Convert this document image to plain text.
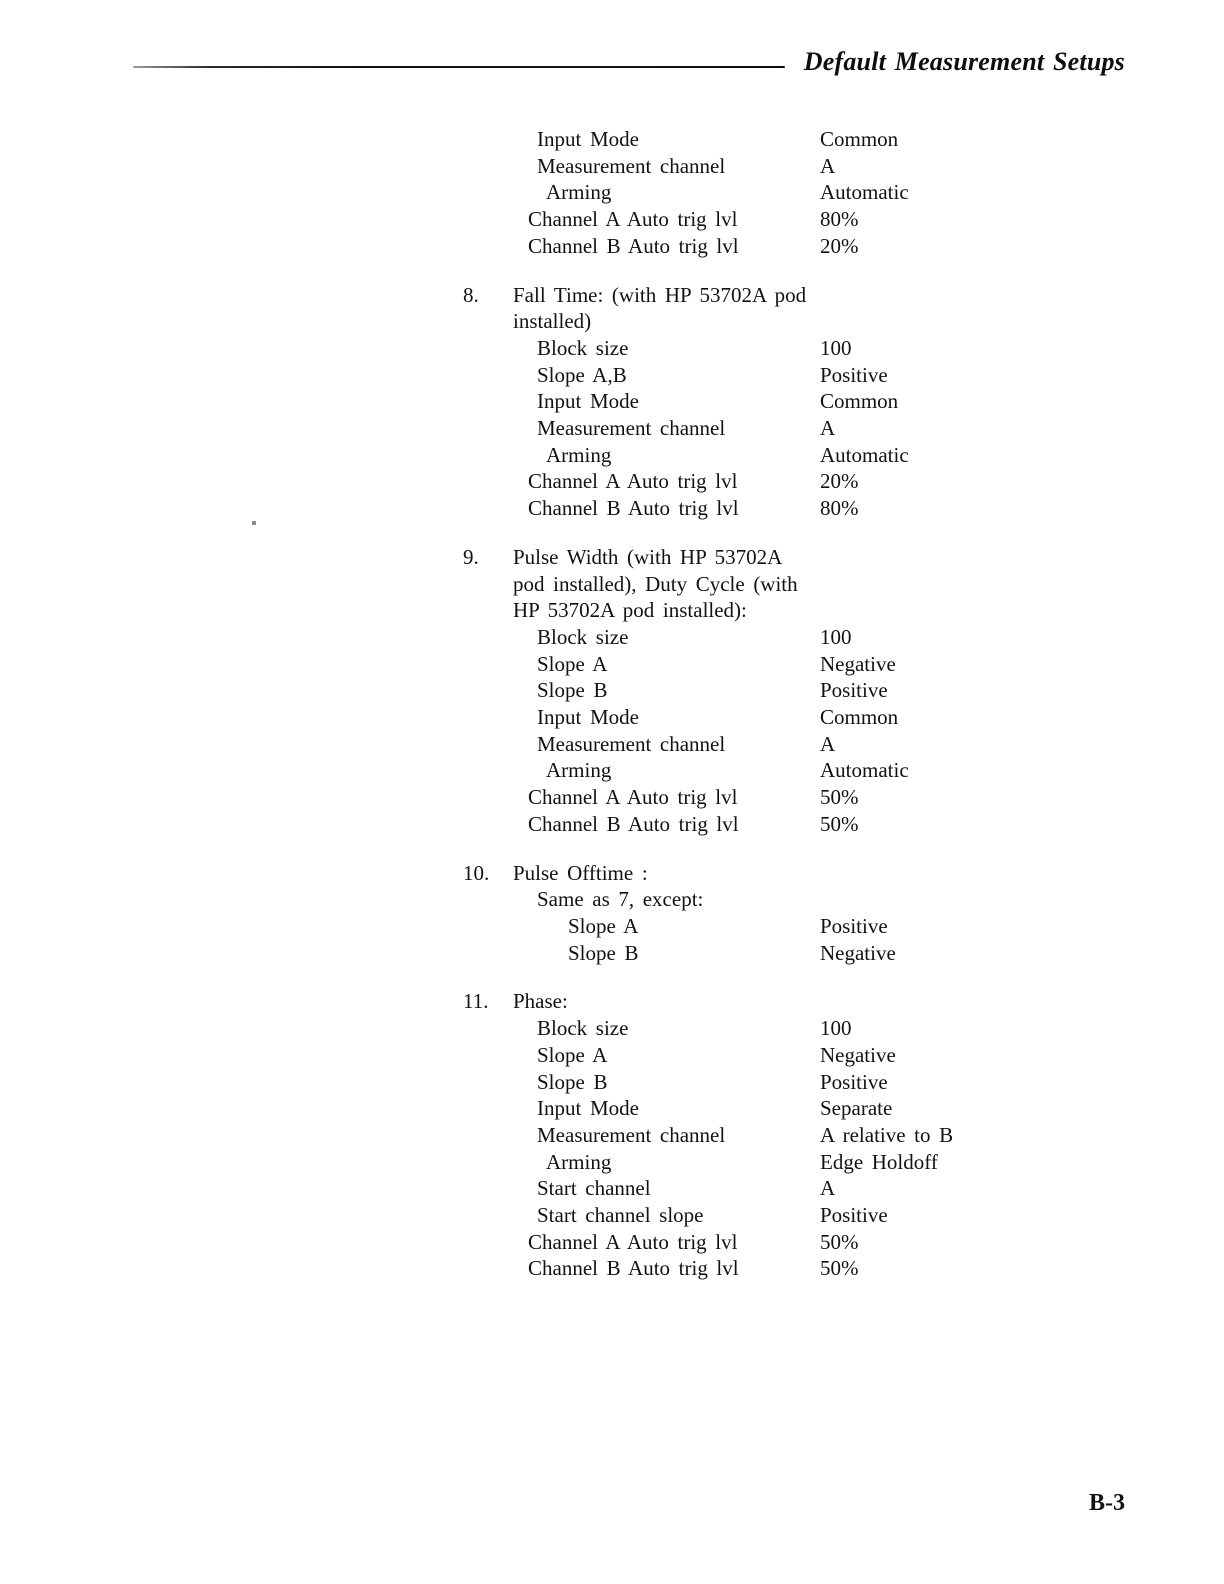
Default Measurement Setups
Input Mode	Common
Measurement channel	A
Arming	Automatic
Channel A Auto trig lvl	80%
Channel B Auto trig lvl	20%
8.	Fall Time: (with HP 53702A pod
installed)
Block size	100
Slope A,B	Positive
Input Mode	Common
Measurement channel	A
Arming	Automatic
Channel A Auto trig lvl	20%
Channel B Auto trig lvl	80%
9.	Pulse Width (with HP 53702A
pod installed), Duty Cycle (with
HP 53702A pod installed):
Block size	100
Slope A	Negative
Slope B	Positive
Input Mode	Common
Measurement channel	A
Arming	Automatic
Channel A Auto trig lvl	50%
Channel B Auto trig lvl	50%
10.	Pulse Offtime :
Same as 7, except:
Slope A	Positive
Slope B	Negative
11.	Phase:
Block size	100
Slope A	Negative
Slope B	Positive
Input Mode	Separate
Measurement channel	A relative to B
Arming	Edge Holdoff
Start channel	A
Start channel slope	Positive
Channel A Auto trig lvl	50%
Channel B Auto trig lvl	50%
B-3
